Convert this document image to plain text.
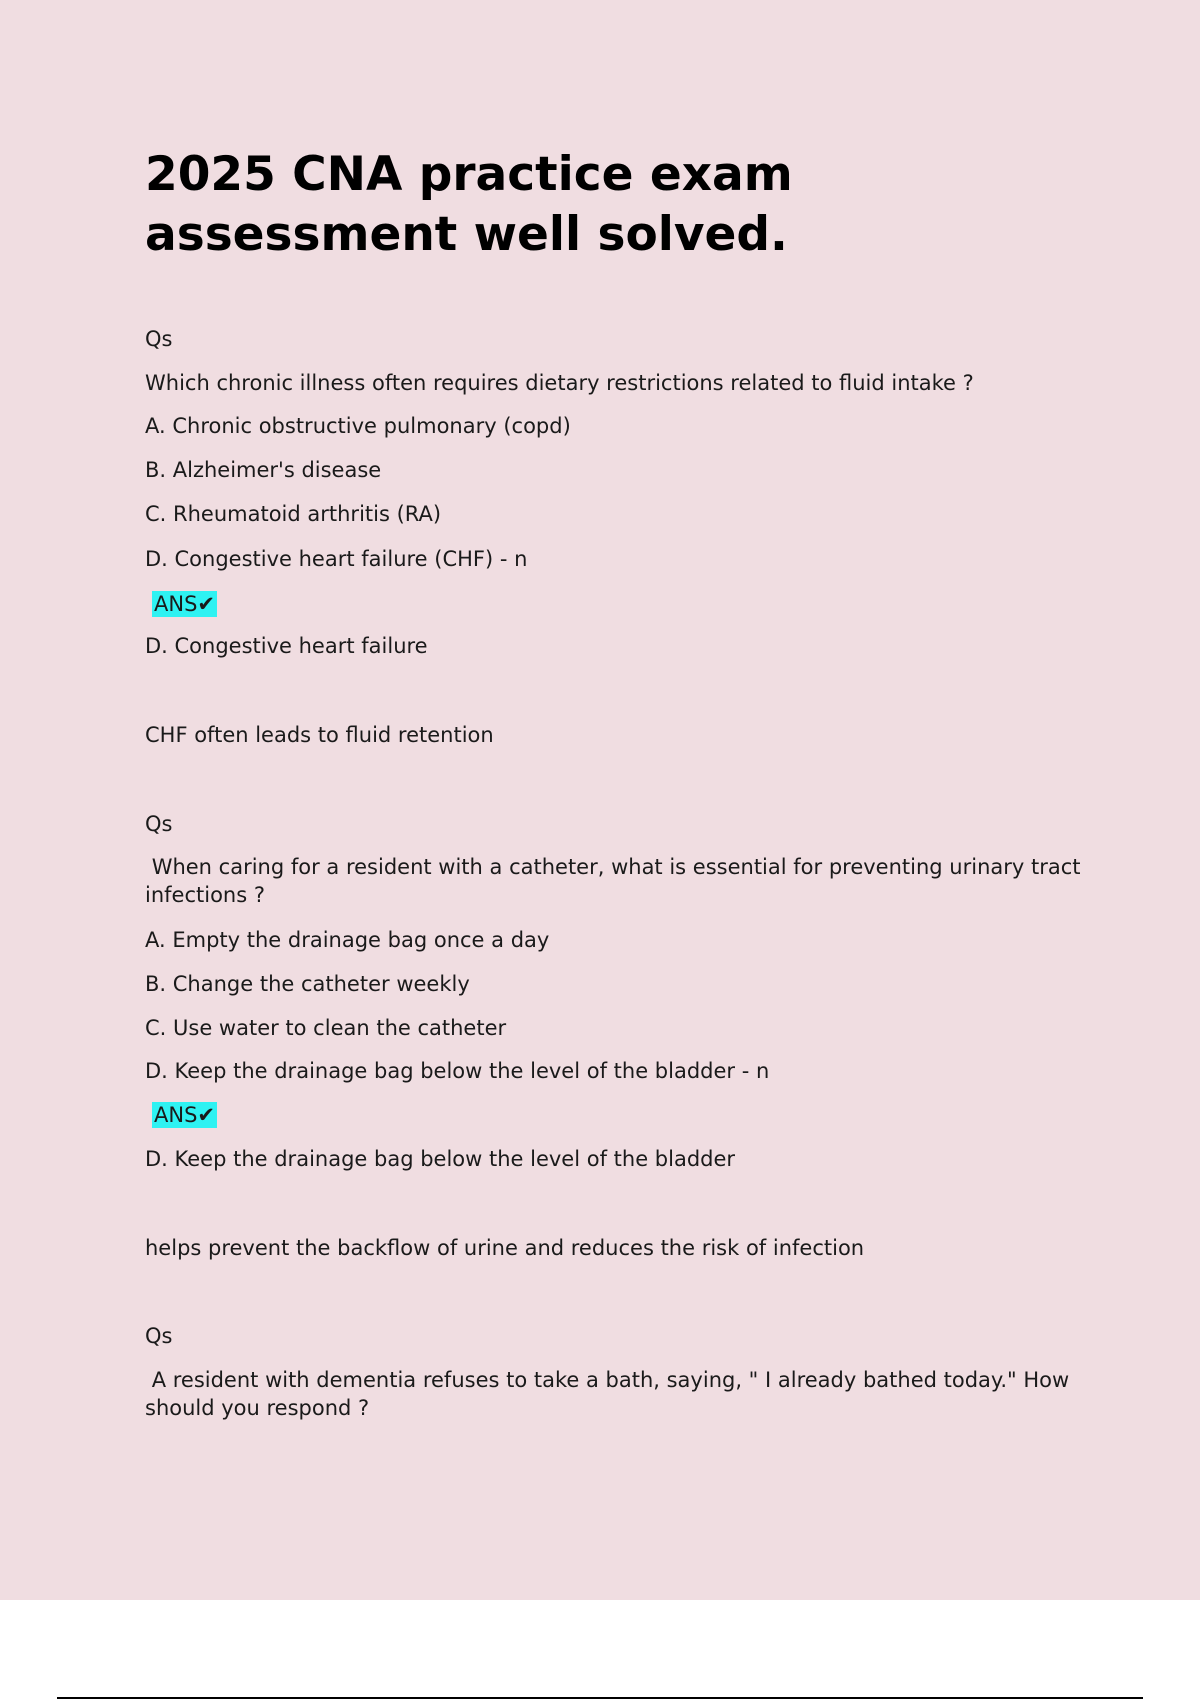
2025 CNA practice exam assessment well solved.

Qs

Which chronic illness often requires dietary restrictions related to fluid intake ?

A. Chronic obstructive pulmonary (copd)

B. Alzheimer's disease

C. Rheumatoid arthritis (RA)

D. Congestive heart failure (CHF) - n

ANS✔

D. Congestive heart failure

CHF often leads to fluid retention

Qs

When caring for a resident with a catheter, what is essential for preventing urinary tract infections ?

A. Empty the drainage bag once a day

B. Change the catheter weekly

C. Use water to clean the catheter

D. Keep the drainage bag below the level of the bladder - n

ANS✔

D. Keep the drainage bag below the level of the bladder

helps prevent the backflow of urine and reduces the risk of infection

Qs

A resident with dementia refuses to take a bath, saying, " I already bathed today." How should you respond ?
